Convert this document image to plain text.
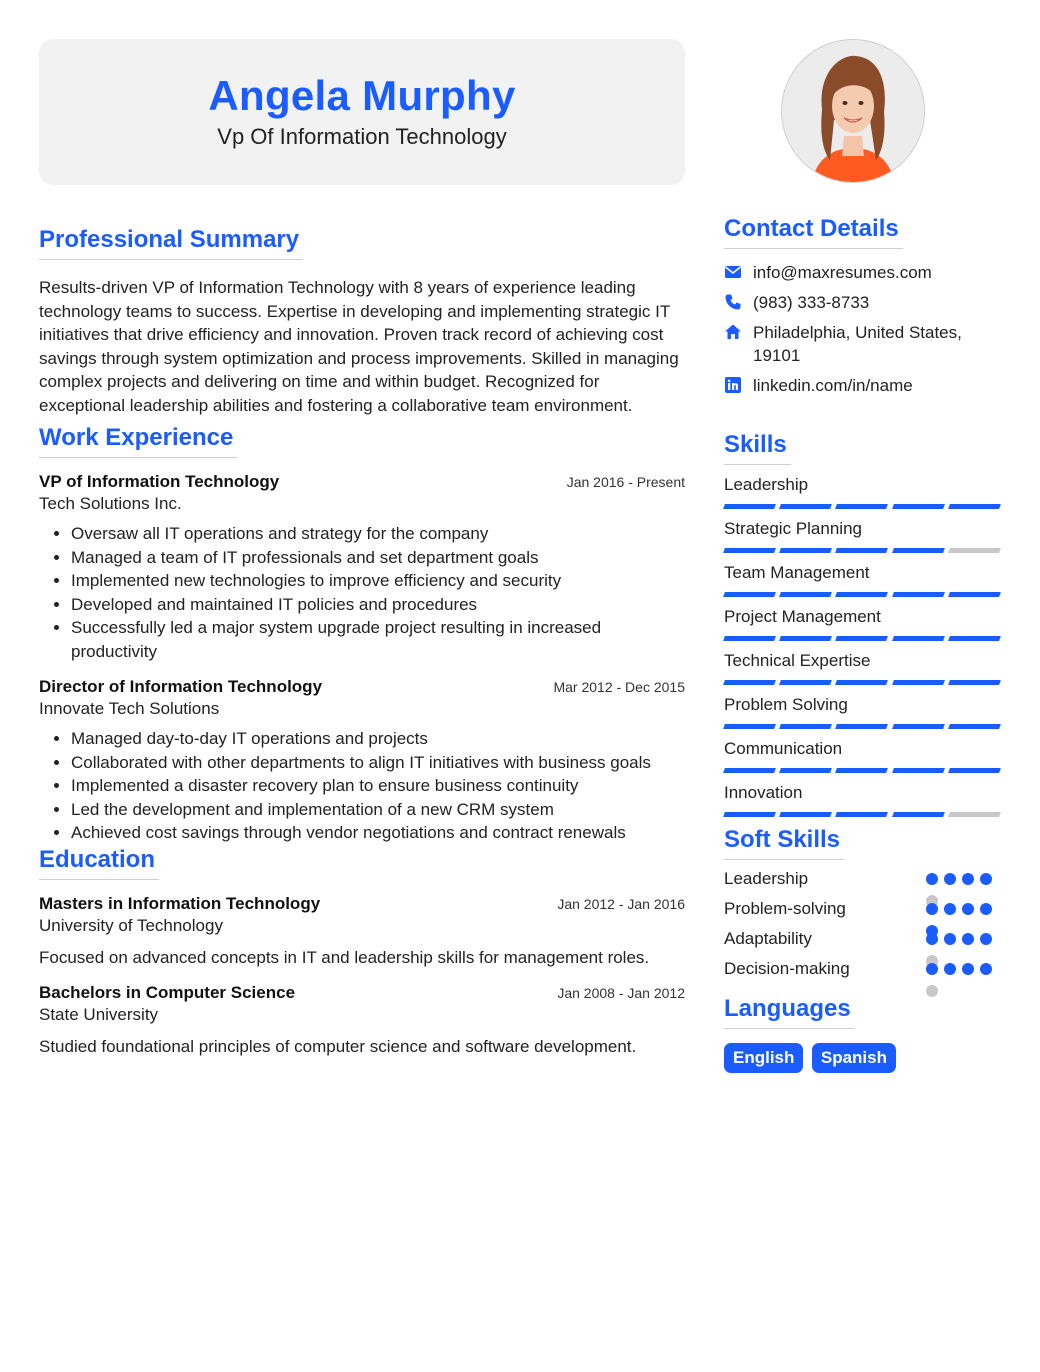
Angela Murphy
Vp Of Information Technology
Professional Summary
Results-driven VP of Information Technology with 8 years of experience leading technology teams to success. Expertise in developing and implementing strategic IT initiatives that drive efficiency and innovation. Proven track record of achieving cost savings through system optimization and process improvements. Skilled in managing complex projects and delivering on time and within budget. Recognized for exceptional leadership abilities and fostering a collaborative team environment.
Work Experience
VP of Information Technology	Jan 2016 - Present
Tech Solutions Inc.
• Oversaw all IT operations and strategy for the company
• Managed a team of IT professionals and set department goals
• Implemented new technologies to improve efficiency and security
• Developed and maintained IT policies and procedures
• Successfully led a major system upgrade project resulting in increased productivity
Director of Information Technology	Mar 2012 - Dec 2015
Innovate Tech Solutions
• Managed day-to-day IT operations and projects
• Collaborated with other departments to align IT initiatives with business goals
• Implemented a disaster recovery plan to ensure business continuity
• Led the development and implementation of a new CRM system
• Achieved cost savings through vendor negotiations and contract renewals
Education
Masters in Information Technology	Jan 2012 - Jan 2016
University of Technology
Focused on advanced concepts in IT and leadership skills for management roles.
Bachelors in Computer Science	Jan 2008 - Jan 2012
State University
Studied foundational principles of computer science and software development.
Contact Details
info@maxresumes.com
(983) 333-8733
Philadelphia, United States, 19101
linkedin.com/in/name
Skills
Leadership
Strategic Planning
Team Management
Project Management
Technical Expertise
Problem Solving
Communication
Innovation
Soft Skills
Leadership
Problem-solving
Adaptability
Decision-making
Languages
English Spanish
